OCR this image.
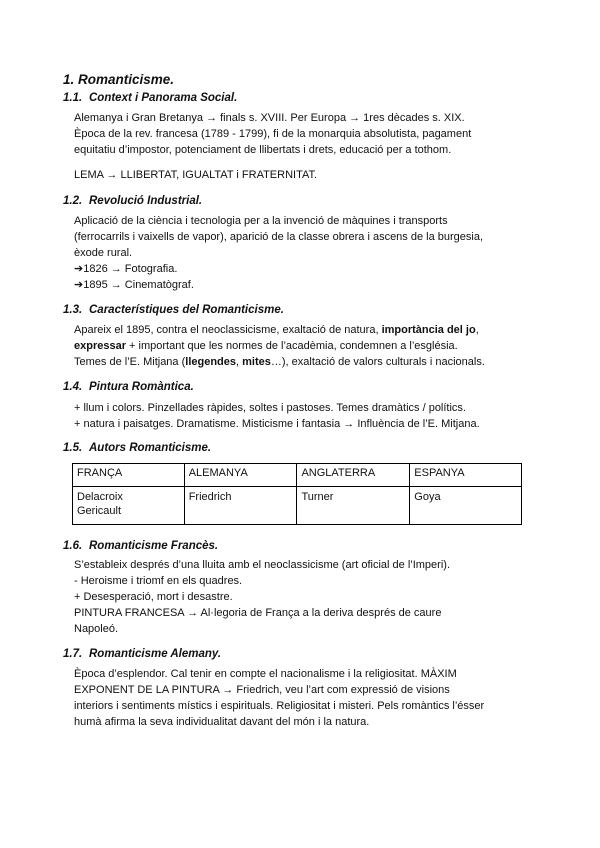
1. Romanticisme.
1.1. Context i Panorama Social.

Alemanya i Gran Bretanya → finals s. XVIII. Per Europa → 1res dècades s. XIX.

Època de la rev. francesa (1789 - 1799), fi de la monarquia absolutista, pagament

equitatiu d’impostor, potenciament de llibertats i drets, educació per a tothom.

LEMA → LLIBERTAT, IGUALTAT i FRATERNITAT.
1.2. Revolució Industrial.

Aplicació de la ciència i tecnologia per a la invenció de màquines i transports

(ferrocarrils i vaixells de vapor), aparició de la classe obrera i ascens de la burgesia,

èxode rural.

➔1826 → Fotografia.
➔1895 → Cinematògraf.
1.3. Característiques del Romanticisme.

Apareix el 1895, contra el neoclassicisme, exaltació de natura, importància del jo,

expressar + important que les normes de l’acadèmia, condemnen a l’església.

Temes de l’E. Mitjana (llegendes, mites…), exaltació de valors culturals i nacionals.

1.4. Pintura Romàntica.
+ llum i colors. Pinzellades ràpides, soltes i pastoses. Temes dramàtics / polítics.
+ natura i paisatges. Dramatisme. Misticisme i fantasia → Influència de l’E. Mitjana.
1.5. Autors Romanticisme.
FRANÇA	ALEMANYA	ANGLATERRA	ESPANYA

Delacroix
Gericault	Friedrich	Turner	Goya
1.6. Romanticisme Francès.
S’estableix després d’una lluita amb el neoclassicisme (art oficial de l’Imperi).
- Heroisme i triomf en els quadres.
+ Desesperació, mort i desastre.

PINTURA FRANCESA → Al·legoria de França a la deriva després de caure

Napoleó.

1.7. Romanticisme Alemany.

Època d’esplendor. Cal tenir en compte el nacionalisme i la religiositat. MÀXIM

EXPONENT DE LA PINTURA → Friedrich, veu l’art com expressió de visions

interiors i sentiments místics i espirituals. Religiositat i misteri. Pels romàntics l’ésser

humà afirma la seva individualitat davant del món i la natura.
